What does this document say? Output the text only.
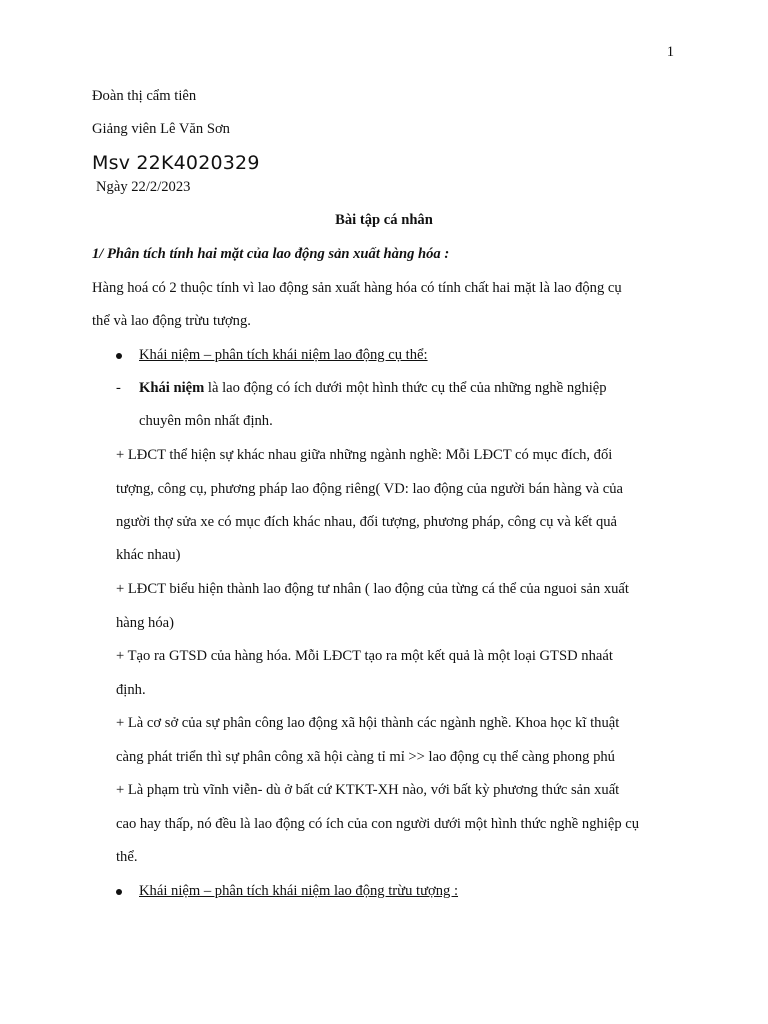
1
Đoàn thị cẩm tiên
Giảng viên Lê Văn Sơn
Msv 22K4020329
Ngày 22/2/2023
Bài tập cá nhân
1/ Phân tích tính hai mặt của lao động sản xuất hàng hóa :
Hàng hoá có 2 thuộc tính vì lao động sản xuất hàng hóa có tính chất hai mặt là lao động cụ
thể và lao động trừu tượng.
Khái niệm – phân tích khái niệm lao động cụ thể:
- Khái niệm là lao động có ích dưới một hình thức cụ thể của những nghề nghiệp
chuyên môn nhất định.
+ LĐCT thể hiện sự khác nhau giữa những ngành nghề: Mỗi LĐCT có mục đích, đối
tượng, công cụ, phương pháp lao động riêng( VD: lao động của người bán hàng và của
người thợ sửa xe có mục đích khác nhau, đối tượng, phương pháp, công cụ và kết quả
khác nhau)
+ LĐCT biểu hiện thành lao động tư nhân ( lao động của từng cá thể của nguoi sản xuất
hàng hóa)
+ Tạo ra GTSD của hàng hóa. Mỗi LĐCT tạo ra một kết quả là một loại GTSD nhaát
định.
+ Là cơ sở của sự phân công lao động xã hội thành các ngành nghề. Khoa học kĩ thuật
càng phát triển thì sự phân công xã hội càng tỉ mỉ >> lao động cụ thể càng phong phú
+ Là phạm trù vĩnh viễn- dù ở bất cứ KTKT-XH nào, với bất kỳ phương thức sản xuất
cao hay thấp, nó đều là lao động có ích của con người dưới một hình thức nghề nghiệp cụ
thể.
Khái niệm – phân tích khái niệm lao động trừu tượng :
